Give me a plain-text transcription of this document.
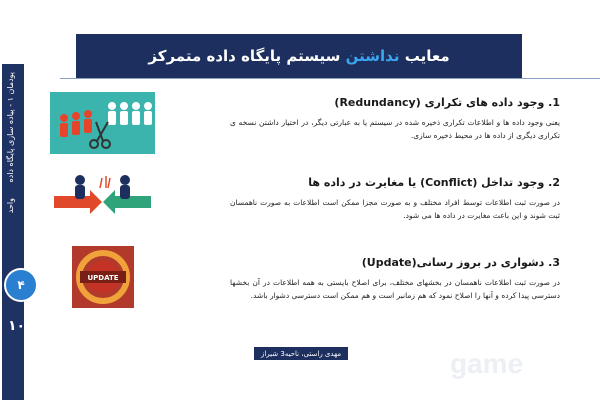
پودمان ۱ - پیاده سازی پایگاه داده
واحد
۴
۱۰
معایب نداشتن سیستم پایگاه داده متمرکز
1. وجود داده های تکراری (Redundancy)
یعنی وجود داده ها و اطلاعات تکراری ذخیره شده در سیستم یا به عبارتی دیگر، در اختیار داشتن نسخه ی تکراری دیگری از داده ها در محیط ذخیره سازی.
2. وجود تداخل (Conflict) یا مغایرت در داده ها
در صورت ثبت اطلاعات توسط افراد مختلف و به صورت مجزا ممکن است اطلاعات به صورت ناهمسان ثبت شوند و این باعث مغایرت در داده ها می شود.
UPDATE
3. دشواری در بروز رسانی(Update)
در صورت ثبت اطلاعات ناهمسان در بخشهای مختلف، برای اصلاح بایستی به همه اطلاعات در آن بخشها دسترسی پیدا کرده و آنها را اصلاح نمود که هم زمانبر است و هم ممکن است دسترسی دشوار باشد.
مهدی راستی، ناحیه3 شیراز	game
